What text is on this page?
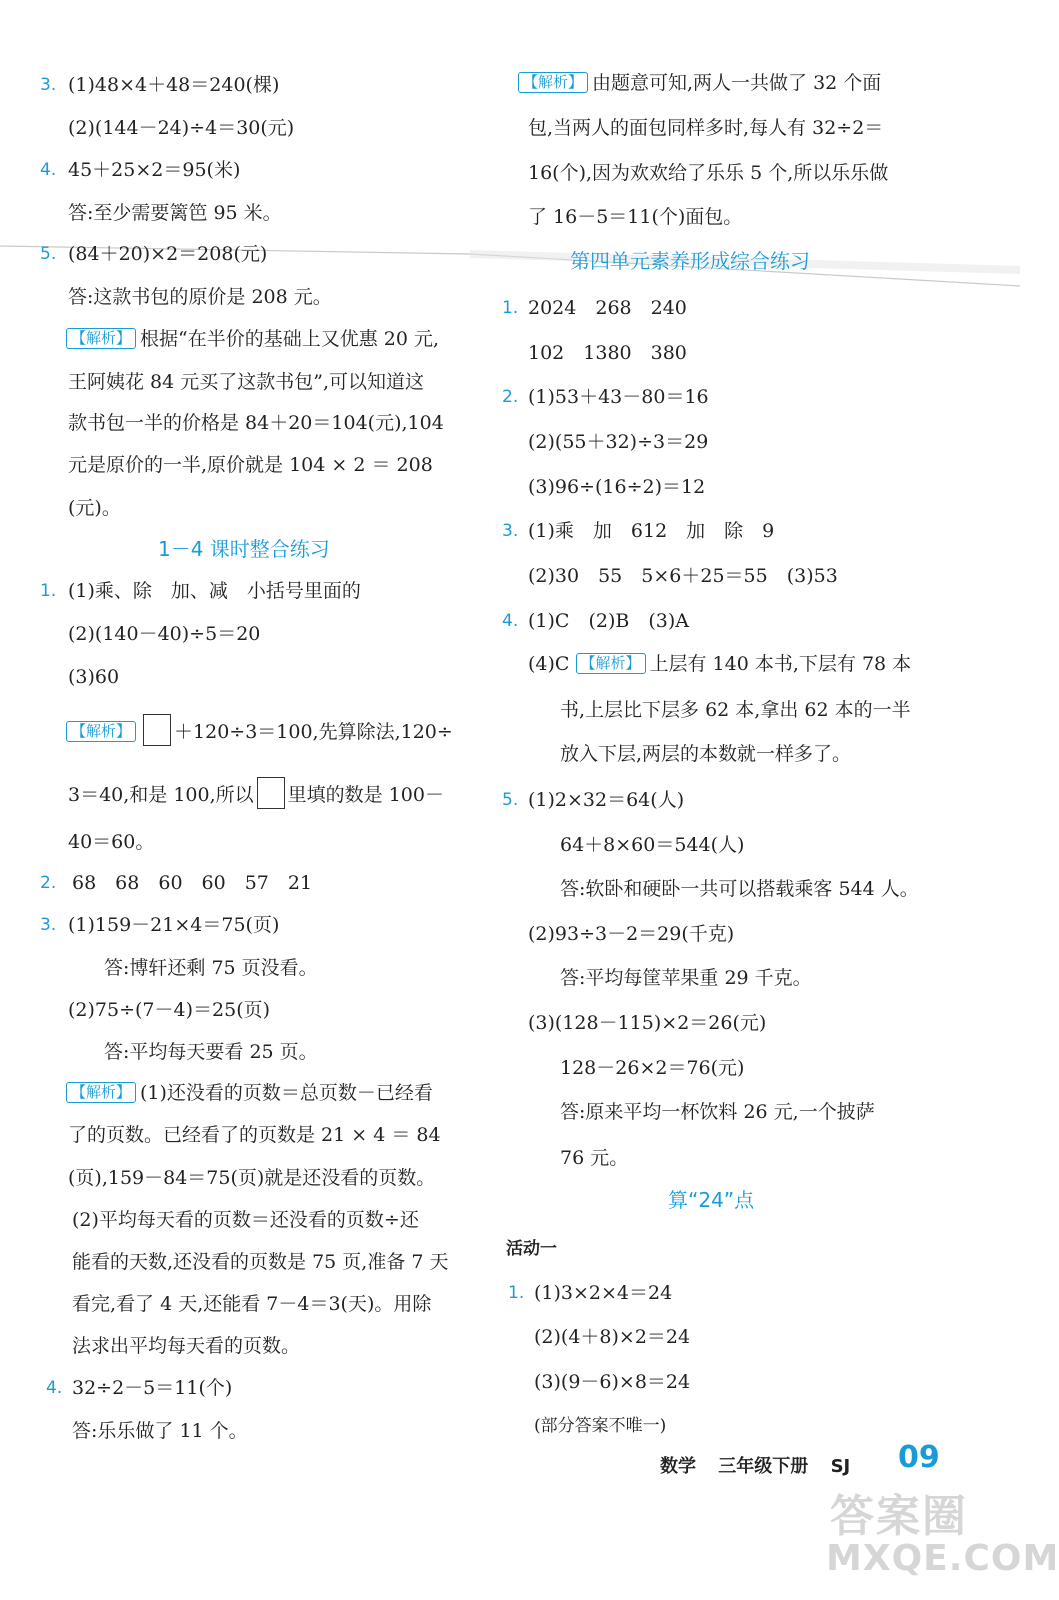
3. (1)48×4＋48＝240(棵)
(2)(144－24)÷4＝30(元)
4. 45＋25×2＝95(米)
答:至少需要篱笆 95 米。
5. (84＋20)×2＝208(元)
答:这款书包的原价是 208 元。
【解析】 根据“在半价的基础上又优惠 20 元,
王阿姨花 84 元买了这款书包”,可以知道这
款书包一半的价格是 84＋20＝104(元),104
元是原价的一半,原价就是 104 × 2 ＝ 208
(元)。
1－4 课时整合练习
1. (1)乘、除　加、减　小括号里面的
(2)(140－40)÷5＝20
(3)60
【解析】 ＋120÷3＝100,先算除法,120÷
3＝40,和是 100,所以 里填的数是 100－
40＝60。
2. 68　68　60　60　57　21
3. (1)159－21×4＝75(页)
答:博轩还剩 75 页没看。
(2)75÷(7－4)＝25(页)
答:平均每天要看 25 页。
【解析】 (1)还没看的页数＝总页数－已经看
了的页数。已经看了的页数是 21 × 4 ＝ 84
(页),159－84＝75(页)就是还没看的页数。
(2)平均每天看的页数＝还没看的页数÷还
能看的天数,还没看的页数是 75 页,准备 7 天
看完,看了 4 天,还能看 7－4＝3(天)。用除
法求出平均每天看的页数。
4. 32÷2－5＝11(个)
答:乐乐做了 11 个。
【解析】 由题意可知,两人一共做了 32 个面
包,当两人的面包同样多时,每人有 32÷2＝
16(个),因为欢欢给了乐乐 5 个,所以乐乐做
了 16－5＝11(个)面包。
第四单元素养形成综合练习
1. 2024　268　240
102　1380　380
2. (1)53＋43－80＝16
(2)(55＋32)÷3＝29
(3)96÷(16÷2)＝12
3. (1)乘　加　612　加　除　9
(2)30　55　5×6＋25＝55　(3)53
4. (1)C　(2)B　(3)A
(4)C 【解析】 上层有 140 本书,下层有 78 本
书,上层比下层多 62 本,拿出 62 本的一半
放入下层,两层的本数就一样多了。
5. (1)2×32＝64(人)
64＋8×60＝544(人)
答:软卧和硬卧一共可以搭载乘客 544 人。
(2)93÷3－2＝29(千克)
答:平均每筐苹果重 29 千克。
(3)(128－115)×2＝26(元)
128－26×2＝76(元)
答:原来平均一杯饮料 26 元,一个披萨
76 元。
算“24”点
活动一
1. (1)3×2×4＝24
(2)(4＋8)×2＝24
(3)(9－6)×8＝24
(部分答案不唯一)
数学 三年级下册 SJ	09
答案圈
MXQE.COM
